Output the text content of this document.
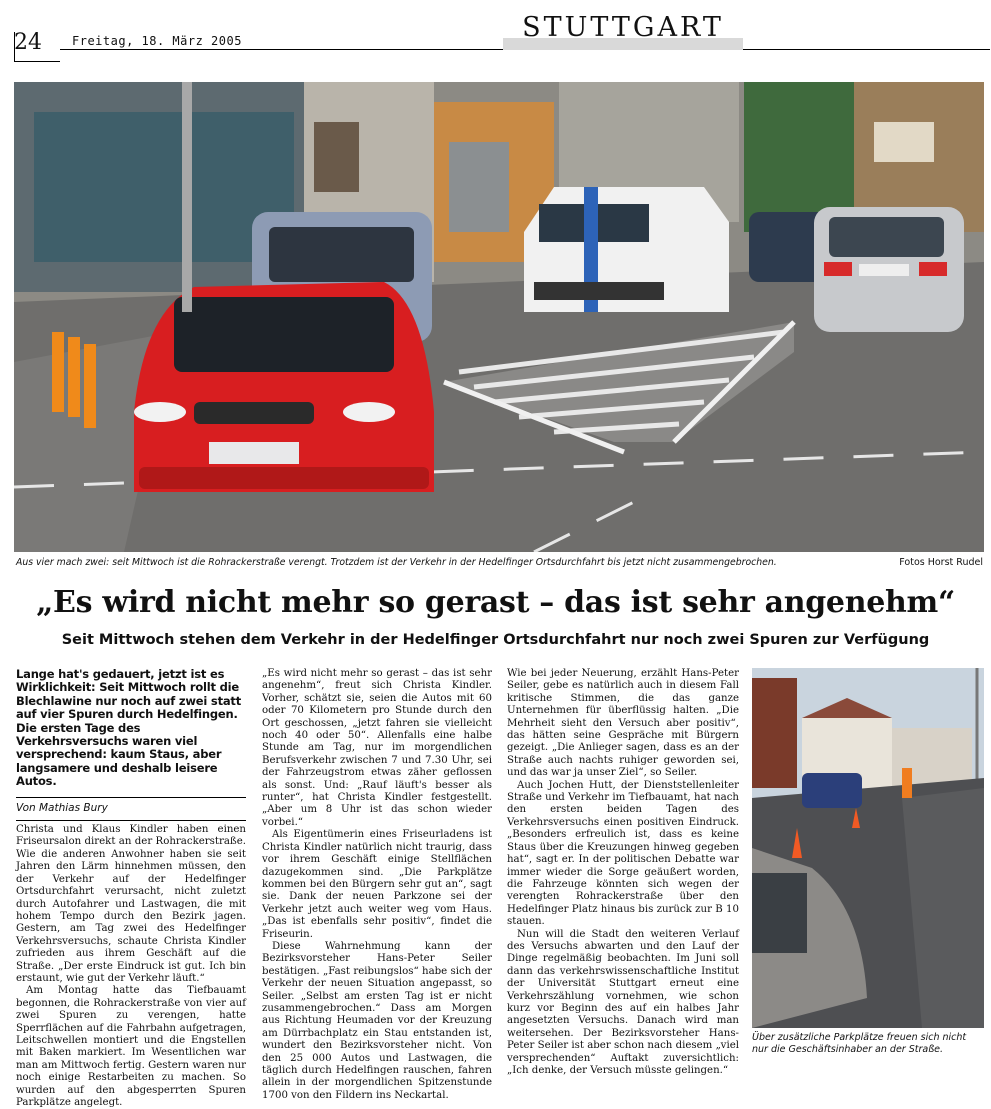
24	Freitag, 18. März 2005	STUTTGART
Aus vier mach zwei: seit Mittwoch ist die Rohrackerstraße verengt. Trotzdem ist der Verkehr in der Hedelfinger Ortsdurchfahrt bis jetzt nicht zusammengebrochen.	Fotos Horst Rudel
„Es wird nicht mehr so gerast – das ist sehr angenehm“
Seit Mittwoch stehen dem Verkehr in der Hedelfinger Ortsdurchfahrt nur noch zwei Spuren zur Verfügung

Lange hat's gedauert, jetzt ist es Wirklichkeit: Seit Mittwoch rollt die Blechlawine nur noch auf zwei statt auf vier Spuren durch Hedelfingen. Die ersten Tage des Verkehrsversuchs waren viel versprechend: kaum Staus, aber langsamere und deshalb leisere Autos.

Von Mathias Bury

Christa und Klaus Kindler haben einen Friseursalon direkt an der Rohrackerstraße. Wie die anderen Anwohner haben sie seit Jahren den Lärm hinnehmen müssen, den der Verkehr auf der Hedelfinger Ortsdurchfahrt verursacht, nicht zuletzt durch Autofahrer und Lastwagen, die mit hohem Tempo durch den Bezirk jagen. Gestern, am Tag zwei des Hedelfinger Verkehrsversuchs, schaute Christa Kindler zufrieden aus ihrem Geschäft auf die Straße. „Der erste Eindruck ist gut. Ich bin erstaunt, wie gut der Verkehr läuft.“

Am Montag hatte das Tiefbauamt begonnen, die Rohrackerstraße von vier auf zwei Spuren zu verengen, hatte Sperrflächen auf die Fahrbahn aufgetragen, Leitschwellen montiert und die Engstellen mit Baken markiert. Im Wesentlichen war man am Mittwoch fertig. Gestern waren nur noch einige Restarbeiten zu machen. So wurden auf den abgesperrten Spuren Parkplätze angelegt.

„Es wird nicht mehr so gerast – das ist sehr angenehm“, freut sich Christa Kindler. Vorher, schätzt sie, seien die Autos mit 60 oder 70 Kilometern pro Stunde durch den Ort geschossen, „jetzt fahren sie vielleicht noch 40 oder 50“. Allenfalls eine halbe Stunde am Tag, nur im morgendlichen Berufsverkehr zwischen 7 und 7.30 Uhr, sei der Fahrzeugstrom etwas zäher geflossen als sonst. Und: „Rauf läuft's besser als runter“, hat Christa Kindler festgestellt. „Aber um 8 Uhr ist das schon wieder vorbei.“

Als Eigentümerin eines Friseurladens ist Christa Kindler natürlich nicht traurig, dass vor ihrem Geschäft einige Stellflächen dazugekommen sind. „Die Parkplätze kommen bei den Bürgern sehr gut an“, sagt sie. Dank der neuen Parkzone sei der Verkehr jetzt auch weiter weg vom Haus. „Das ist ebenfalls sehr positiv“, findet die Friseurin.

Diese Wahrnehmung kann der Bezirksvorsteher Hans-Peter Seiler bestätigen. „Fast reibungslos“ habe sich der Verkehr der neuen Situation angepasst, so Seiler. „Selbst am ersten Tag ist er nicht zusammengebrochen.“ Dass am Morgen aus Richtung Heumaden vor der Kreuzung am Dürrbachplatz ein Stau entstanden ist, wundert den Bezirksvorsteher nicht. Von den 25 000 Autos und Lastwagen, die täglich durch Hedelfingen rauschen, fahren allein in der morgendlichen Spitzenstunde 1700 von den Fildern ins Neckartal.

Wie bei jeder Neuerung, erzählt Hans-Peter Seiler, gebe es natürlich auch in diesem Fall kritische Stimmen, die das ganze Unternehmen für überflüssig halten. „Die Mehrheit sieht den Versuch aber positiv“, das hätten seine Gespräche mit Bürgern gezeigt. „Die Anlieger sagen, dass es an der Straße auch nachts ruhiger geworden sei, und das war ja unser Ziel“, so Seiler.

Auch Jochen Hutt, der Dienststellenleiter Straße und Verkehr im Tiefbauamt, hat nach den ersten beiden Tagen des Verkehrsversuchs einen positiven Eindruck. „Besonders erfreulich ist, dass es keine Staus über die Kreuzungen hinweg gegeben hat“, sagt er. In der politischen Debatte war immer wieder die Sorge geäußert worden, die Fahrzeuge könnten sich wegen der verengten Rohrackerstraße über den Hedelfinger Platz hinaus bis zurück zur B 10 stauen.

Nun will die Stadt den weiteren Verlauf des Versuchs abwarten und den Lauf der Dinge regelmäßig beobachten. Im Juni soll dann das verkehrswissenschaftliche Institut der Universität Stuttgart erneut eine Verkehrszählung vornehmen, wie schon kurz vor Beginn des auf ein halbes Jahr angesetzten Versuchs. Danach wird man weitersehen. Der Bezirksvorsteher Hans-Peter Seiler ist aber schon nach diesem „viel versprechenden“ Auftakt zuversichtlich: „Ich denke, der Versuch müsste gelingen.“

Über zusätzliche Parkplätze freuen sich nicht nur die Geschäftsinhaber an der Straße.
